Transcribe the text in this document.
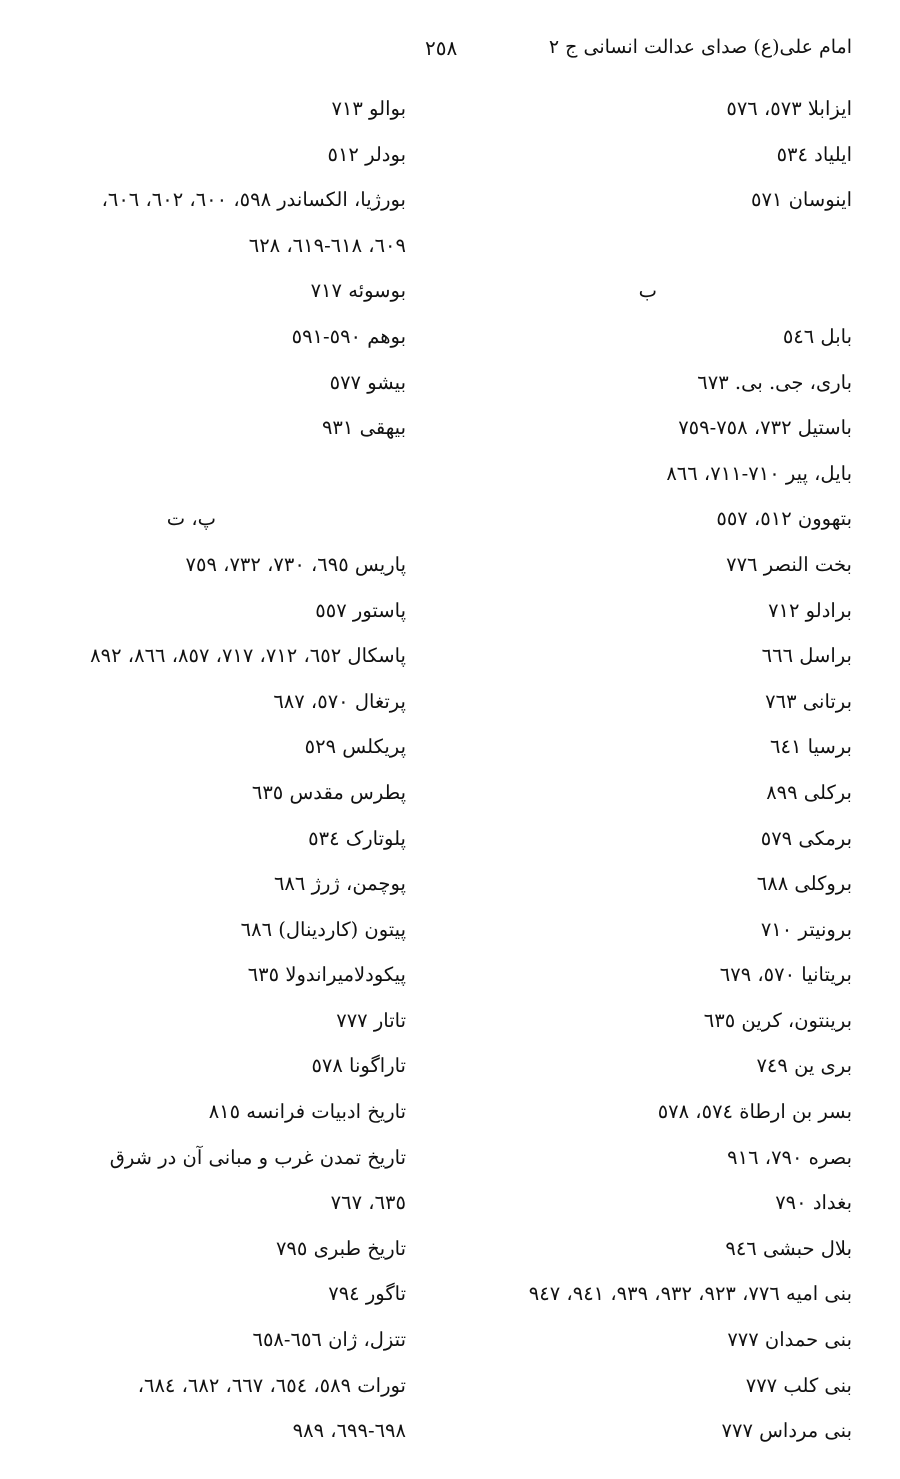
امام علی(ع) صدای عدالت انسانی ج ٢
٢٥٨
ایزابلا ٥٧٣، ٥٧٦
ایلیاد ٥٣٤
اینوسان ٥٧١
ب
بابل ٥٤٦
باری، جی. بی. ٦٧٣
باستیل ٧٣٢، ٧٥٨-٧٥٩
بایل، پیر ٧١٠-٧١١، ٨٦٦
بتهوون ٥١٢، ٥٥٧
بخت النصر ٧٧٦
برادلو ٧١٢
براسل ٦٦٦
برتانی ٧٦٣
برسیا ٦٤١
برکلی ٨٩٩
برمکی ٥٧٩
بروکلی ٦٨٨
برونیتر ٧١٠
بریتانیا ٥٧٠، ٦٧٩
برینتون، کرین ٦٣٥
بری ین ٧٤٩
بسر بن ارطاة ٥٧٤، ٥٧٨
بصره ٧٩٠، ٩١٦
بغداد ٧٩٠
بلال حبشی ٩٤٦
بنی امیه ٧٧٦، ٩٢٣، ٩٣٢، ٩٣٩، ٩٤١، ٩٤٧
بنی حمدان ٧٧٧
بنی کلب ٧٧٧
بنی مرداس ٧٧٧
بوالو ٧١٣
بودلر ٥١٢
بورژیا، الکساندر ٥٩٨، ٦٠٠، ٦٠٢، ٦٠٦،
٦٠٩، ٦١٨-٦١٩، ٦٢٨
بوسوئه ٧١٧
بوهم ٥٩٠-٥٩١
بیشو ٥٧٧
بیهقی ٩٣١
پ، ت
پاریس ٦٩٥، ٧٣٠، ٧٣٢، ٧٥٩
پاستور ٥٥٧
پاسکال ٦٥٢، ٧١٢، ٧١٧، ٨٥٧، ٨٦٦، ٨٩٢
پرتغال ٥٧٠، ٦٨٧
پریکلس ٥٢٩
پطرس مقدس ٦٣٥
پلوتارک ٥٣٤
پوچمن، ژرژ ٦٨٦
پیتون (کاردینال) ٦٨٦
پیکودلامیراندولا ٦٣٥
تاتار ٧٧٧
تاراگونا ٥٧٨
تاریخ ادبیات فرانسه ٨١٥
تاریخ تمدن غرب و مبانی آن در شرق
٦٣٥، ٧٦٧
تاریخ طبری ٧٩٥
تاگور ٧٩٤
تتزل، ژان ٦٥٦-٦٥٨
تورات ٥٨٩، ٦٥٤، ٦٦٧، ٦٨٢، ٦٨٤،
٦٩٨-٦٩٩، ٩٨٩
